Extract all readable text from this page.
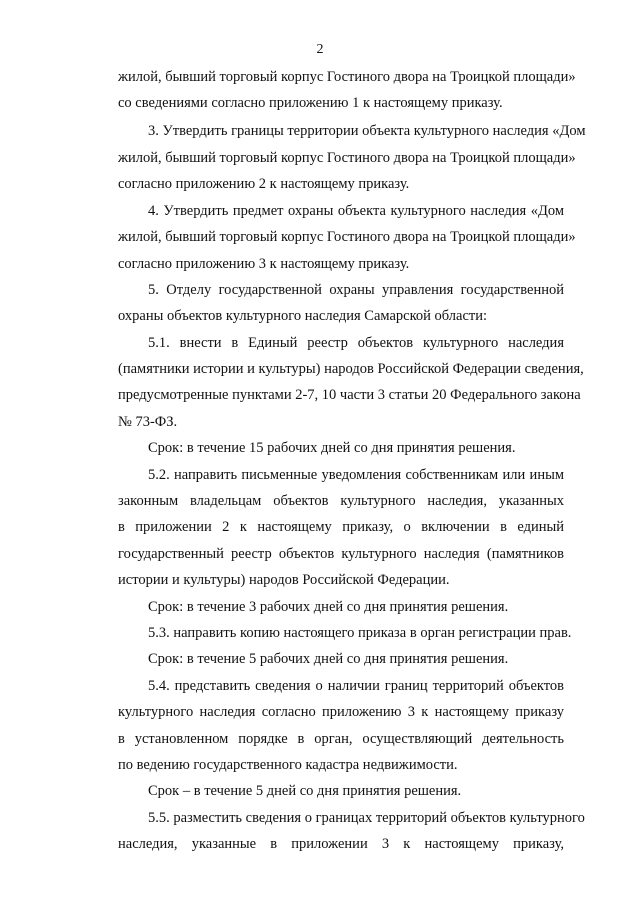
2
жилой, бывший торговый корпус Гостиного двора на Троицкой площади»
со сведениями согласно приложению 1 к настоящему приказу.
3. Утвердить границы территории объекта культурного наследия «Дом
жилой, бывший торговый корпус Гостиного двора на Троицкой площади»
согласно приложению 2 к настоящему приказу.
4. Утвердить предмет охраны объекта культурного наследия «Дом
жилой, бывший торговый корпус Гостиного двора на Троицкой площади»
согласно приложению 3 к настоящему приказу.
5. Отделу государственной охраны управления государственной
охраны объектов культурного наследия Самарской области:
5.1. внести в Единый реестр объектов культурного наследия
(памятники истории и культуры) народов Российской Федерации сведения,
предусмотренные пунктами 2-7, 10 части 3 статьи 20 Федерального закона
№ 73-ФЗ.
Срок: в течение 15 рабочих дней со дня принятия решения.
5.2. направить письменные уведомления собственникам или иным
законным владельцам объектов культурного наследия, указанных
в приложении 2 к настоящему приказу, о включении в единый
государственный реестр объектов культурного наследия (памятников
истории и культуры) народов Российской Федерации.
Срок: в течение 3 рабочих дней со дня принятия решения.
5.3. направить копию настоящего приказа в орган регистрации прав.
Срок: в течение 5 рабочих дней со дня принятия решения.
5.4. представить сведения о наличии границ территорий объектов
культурного наследия согласно приложению 3 к настоящему приказу
в установленном порядке в орган, осуществляющий деятельность
по ведению государственного кадастра недвижимости.
Срок – в течение 5 дней со дня принятия решения.
5.5. разместить сведения о границах территорий объектов культурного
наследия, указанные в приложении 3 к настоящему приказу,
